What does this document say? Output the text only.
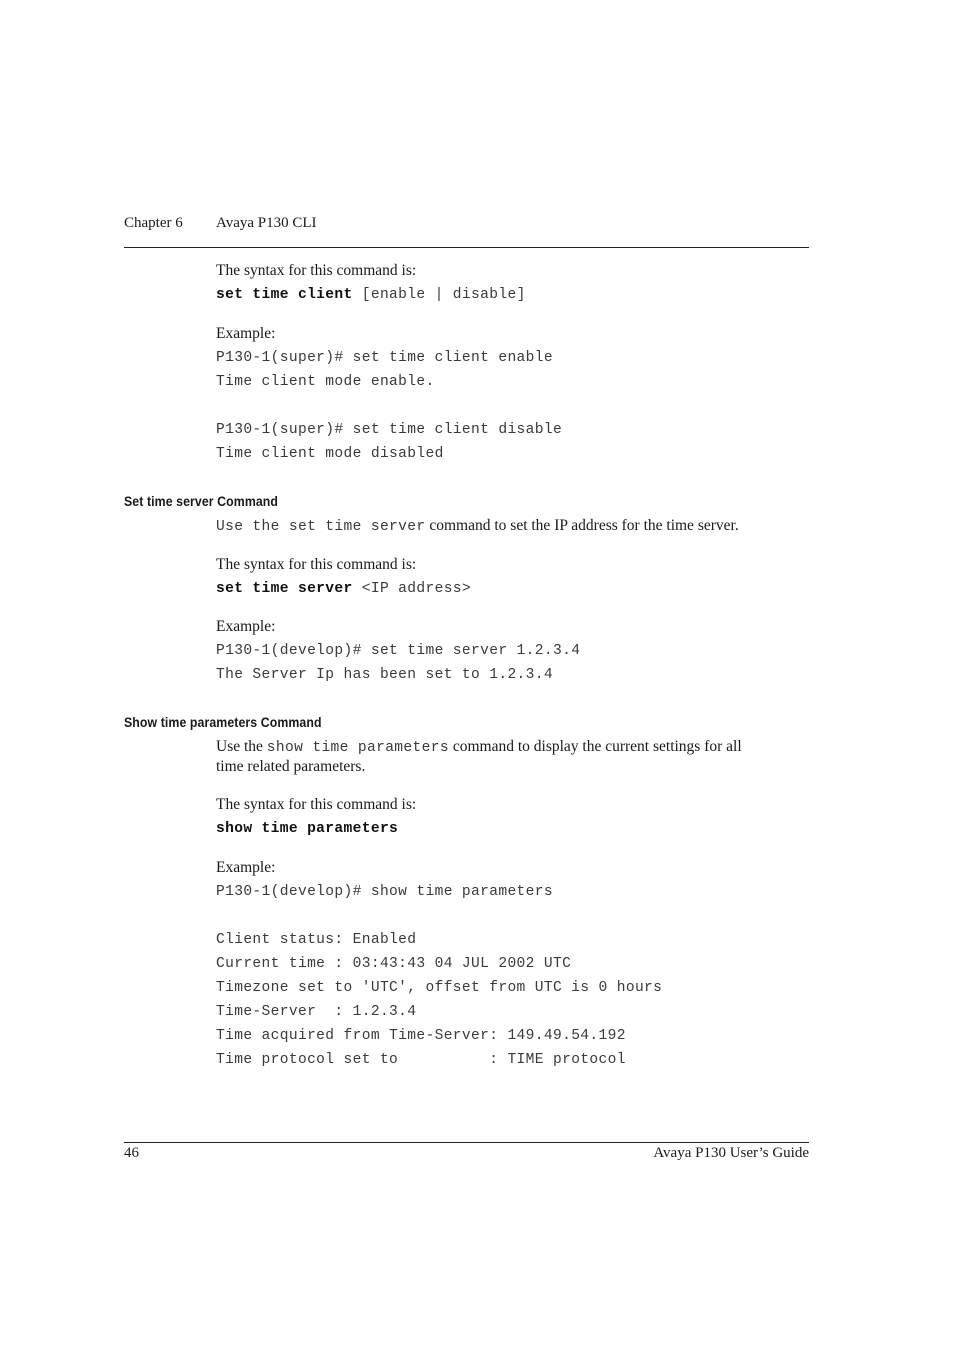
Chapter 6 Avaya P130 CLI
The syntax for this command is:
set time client [enable | disable]
Example:
P130-1(super)# set time client enable
Time client mode enable.
P130-1(super)# set time client disable
Time client mode disabled
Set time server Command
Use the set time server command to set the IP address for the time server.
The syntax for this command is:
set time server <IP address>
Example:
P130-1(develop)# set time server 1.2.3.4
The Server Ip has been set to 1.2.3.4
Show time parameters Command
Use the show time parameters command to display the current settings for all
time related parameters.
The syntax for this command is:
show time parameters
Example:
P130-1(develop)# show time parameters
Client status: Enabled
Current time : 03:43:43 04 JUL 2002 UTC
Timezone set to 'UTC', offset from UTC is 0 hours
Time-Server  : 1.2.3.4
Time acquired from Time-Server: 149.49.54.192
Time protocol set to          : TIME protocol
46	Avaya P130 User’s Guide
